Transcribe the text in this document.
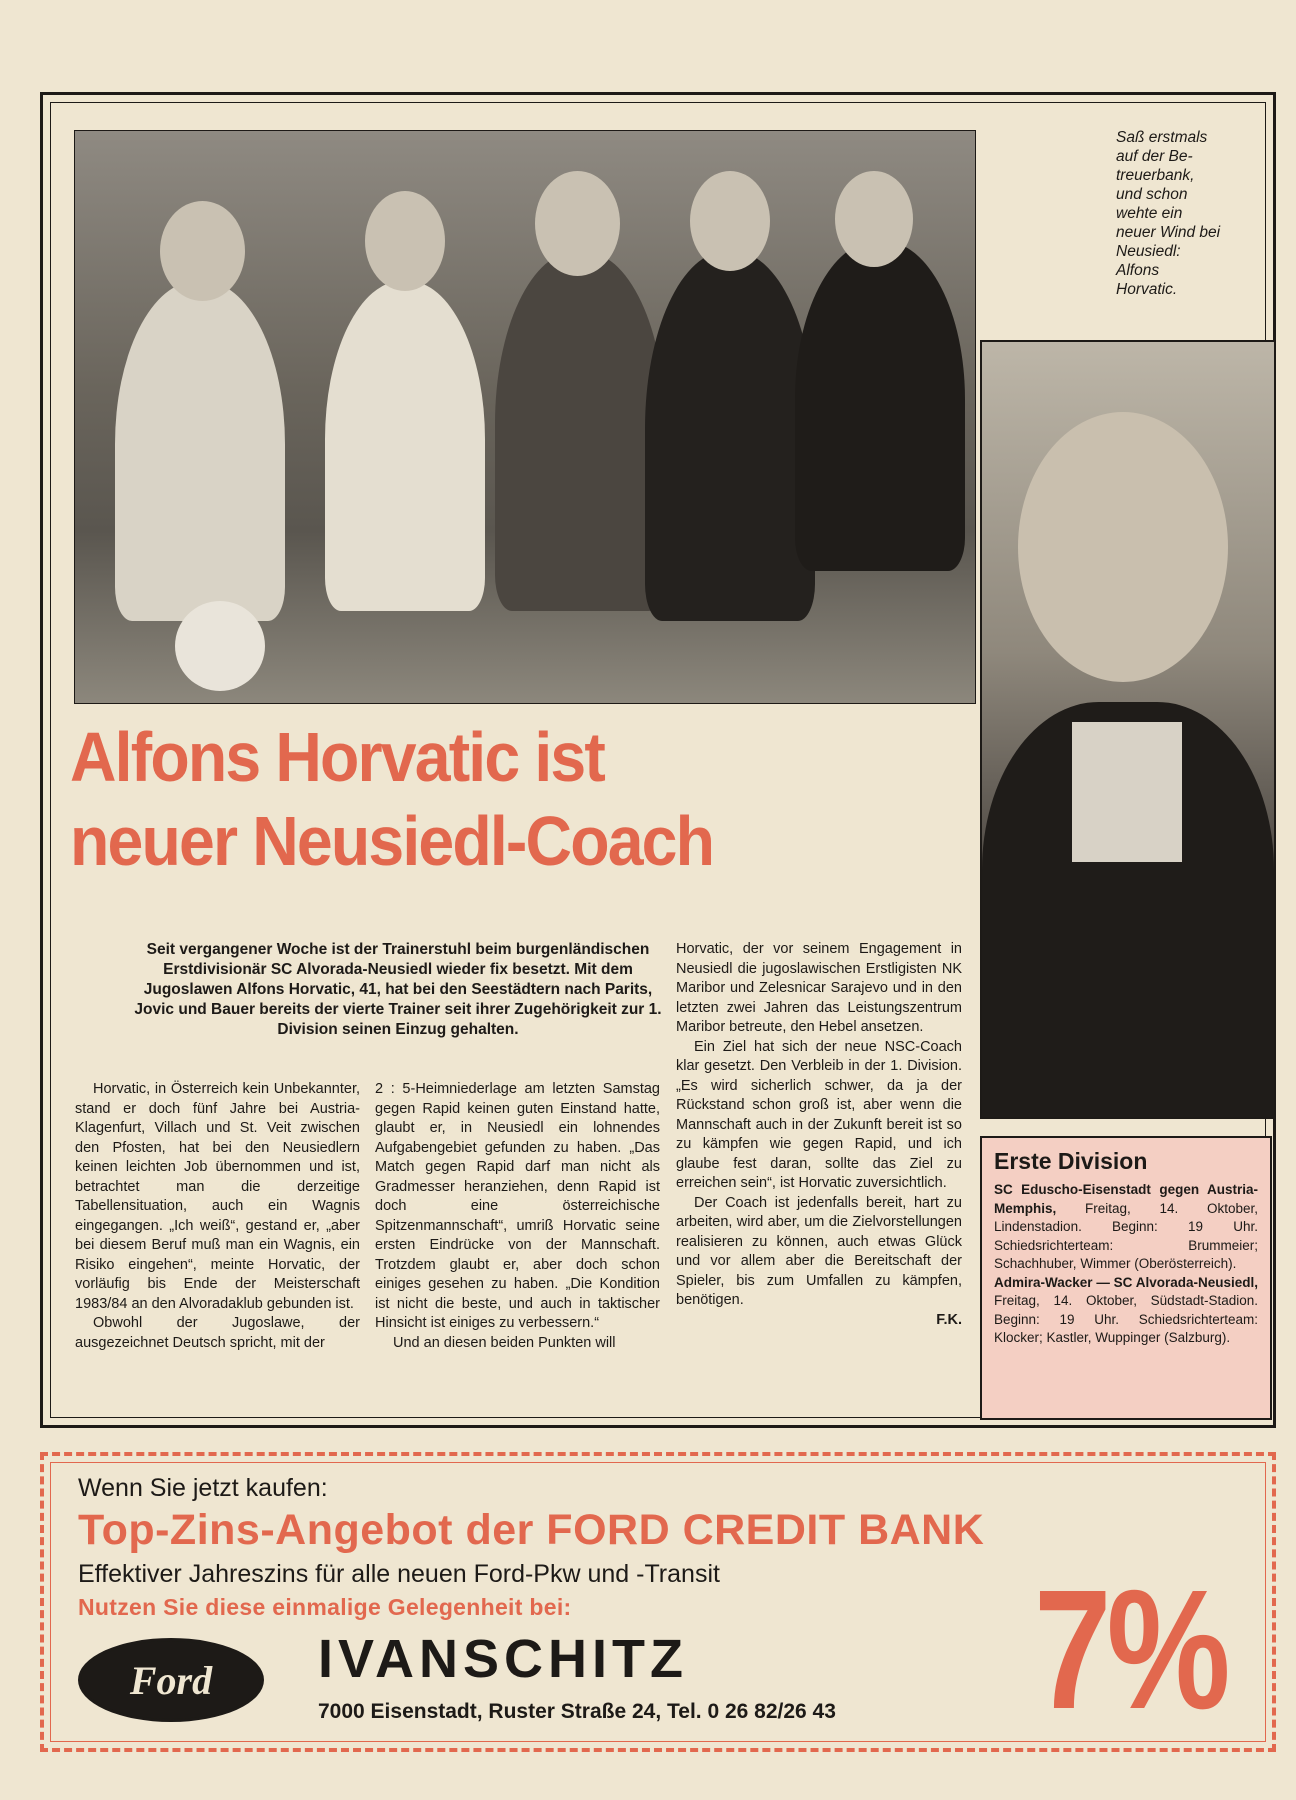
Saß erstmals
auf der Be-
treuerbank,
und schon
wehte ein
neuer Wind bei
Neusiedl:
Alfons
Horvatic.
Alfons Horvatic ist
neuer Neusiedl-Coach
Seit vergangener Woche ist der Trainerstuhl beim burgenländischen Erstdivisionär SC Alvorada-Neusiedl wieder fix besetzt. Mit dem Jugoslawen Alfons Horvatic, 41, hat bei den Seestädtern nach Parits, Jovic und Bauer bereits der vierte Trainer seit ihrer Zugehörigkeit zur 1. Division seinen Einzug gehalten.

Horvatic, in Österreich kein Unbekannter, stand er doch fünf Jahre bei Austria-Klagenfurt, Villach und St. Veit zwischen den Pfosten, hat bei den Neusiedlern keinen leichten Job übernommen und ist, betrachtet man die derzeitige Tabellensituation, auch ein Wagnis eingegangen. „Ich weiß“, gestand er, „aber bei diesem Beruf muß man ein Wagnis, ein Risiko eingehen“, meinte Horvatic, der vorläufig bis Ende der Meisterschaft 1983/84 an den Alvoradaklub gebunden ist.

Obwohl der Jugoslawe, der ausgezeichnet Deutsch spricht, mit der

2 : 5-Heimniederlage am letzten Samstag gegen Rapid keinen guten Einstand hatte, glaubt er, in Neusiedl ein lohnendes Aufgabengebiet gefunden zu haben. „Das Match gegen Rapid darf man nicht als Gradmesser heranziehen, denn Rapid ist doch eine österreichische Spitzenmannschaft“, umriß Horvatic seine ersten Eindrücke von der Mannschaft. Trotzdem glaubt er, aber doch schon einiges gesehen zu haben. „Die Kondition ist nicht die beste, und auch in taktischer Hinsicht ist einiges zu verbessern.“

Und an diesen beiden Punkten will

Horvatic, der vor seinem Engagement in Neusiedl die jugoslawischen Erstligisten NK Maribor und Zelesnicar Sarajevo und in den letzten zwei Jahren das Leistungszentrum Maribor betreute, den Hebel ansetzen.

Ein Ziel hat sich der neue NSC-Coach klar gesetzt. Den Verbleib in der 1. Division. „Es wird sicherlich schwer, da ja der Rückstand schon groß ist, aber wenn die Mannschaft auch in der Zukunft bereit ist so zu kämpfen wie gegen Rapid, und ich glaube fest daran, sollte das Ziel zu erreichen sein“, ist Horvatic zuversichtlich.

Der Coach ist jedenfalls bereit, hart zu arbeiten, wird aber, um die Zielvorstellungen realisieren zu können, auch etwas Glück und vor allem aber die Bereitschaft der Spieler, bis zum Umfallen zu kämpfen, benötigen.

F.K.
Erste Division

SC Eduscho-Eisenstadt gegen Austria-Memphis, Freitag, 14. Oktober, Lindenstadion. Beginn: 19 Uhr. Schiedsrichterteam: Brummeier; Schachhuber, Wimmer (Oberösterreich).

Admira-Wacker — SC Alvorada-Neusiedl, Freitag, 14. Oktober, Südstadt-Stadion. Beginn: 19 Uhr. Schiedsrichterteam: Klocker; Kastler, Wuppinger (Salzburg).

Wenn Sie jetzt kaufen:
Top-Zins-Angebot der FORD CREDIT BANK
Effektiver Jahreszins für alle neuen Ford-Pkw und -Transit
Nutzen Sie diese einmalige Gelegenheit bei:
Ford IVANSCHITZ
7000 Eisenstadt, Ruster Straße 24, Tel. 0 26 82/26 43 7%
